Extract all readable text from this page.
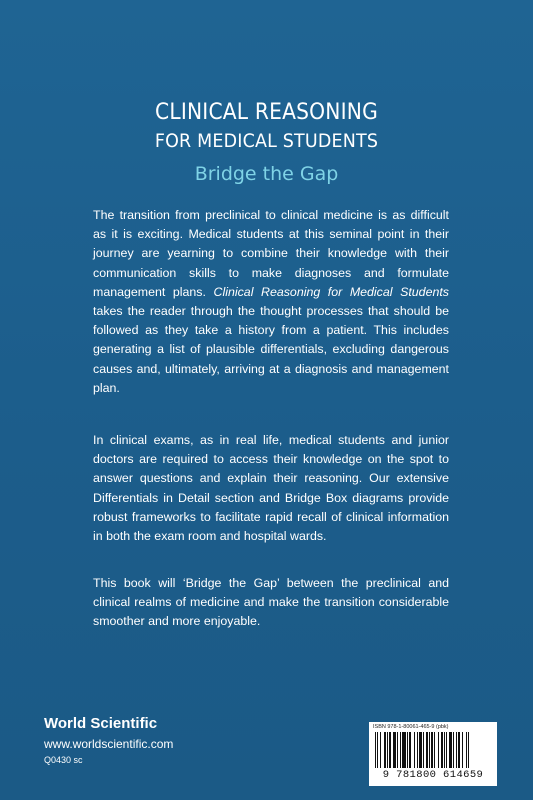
CLINICAL REASONING
FOR MEDICAL STUDENTS
Bridge the Gap

The transition from preclinical to clinical medicine is as difficult as it is exciting. Medical students at this seminal point in their journey are yearning to combine their knowledge with their communication skills to make diagnoses and formulate management plans. Clinical Reasoning for Medical Students takes the reader through the thought processes that should be followed as they take a history from a patient. This includes generating a list of plausible differentials, excluding dangerous causes and, ultimately, arriving at a diagnosis and management plan.

In clinical exams, as in real life, medical students and junior doctors are required to access their knowledge on the spot to answer questions and explain their reasoning. Our extensive Differentials in Detail section and Bridge Box diagrams provide robust frameworks to facilitate rapid recall of clinical information in both the exam room and hospital wards.

This book will ‘Bridge the Gap’ between the preclinical and clinical realms of medicine and make the transition considerable smoother and more enjoyable.

World Scientific
www.worldscientific.com
Q0430 sc
ISBN 978-1-80061-465-9 (pbk)
9 781800 614659
